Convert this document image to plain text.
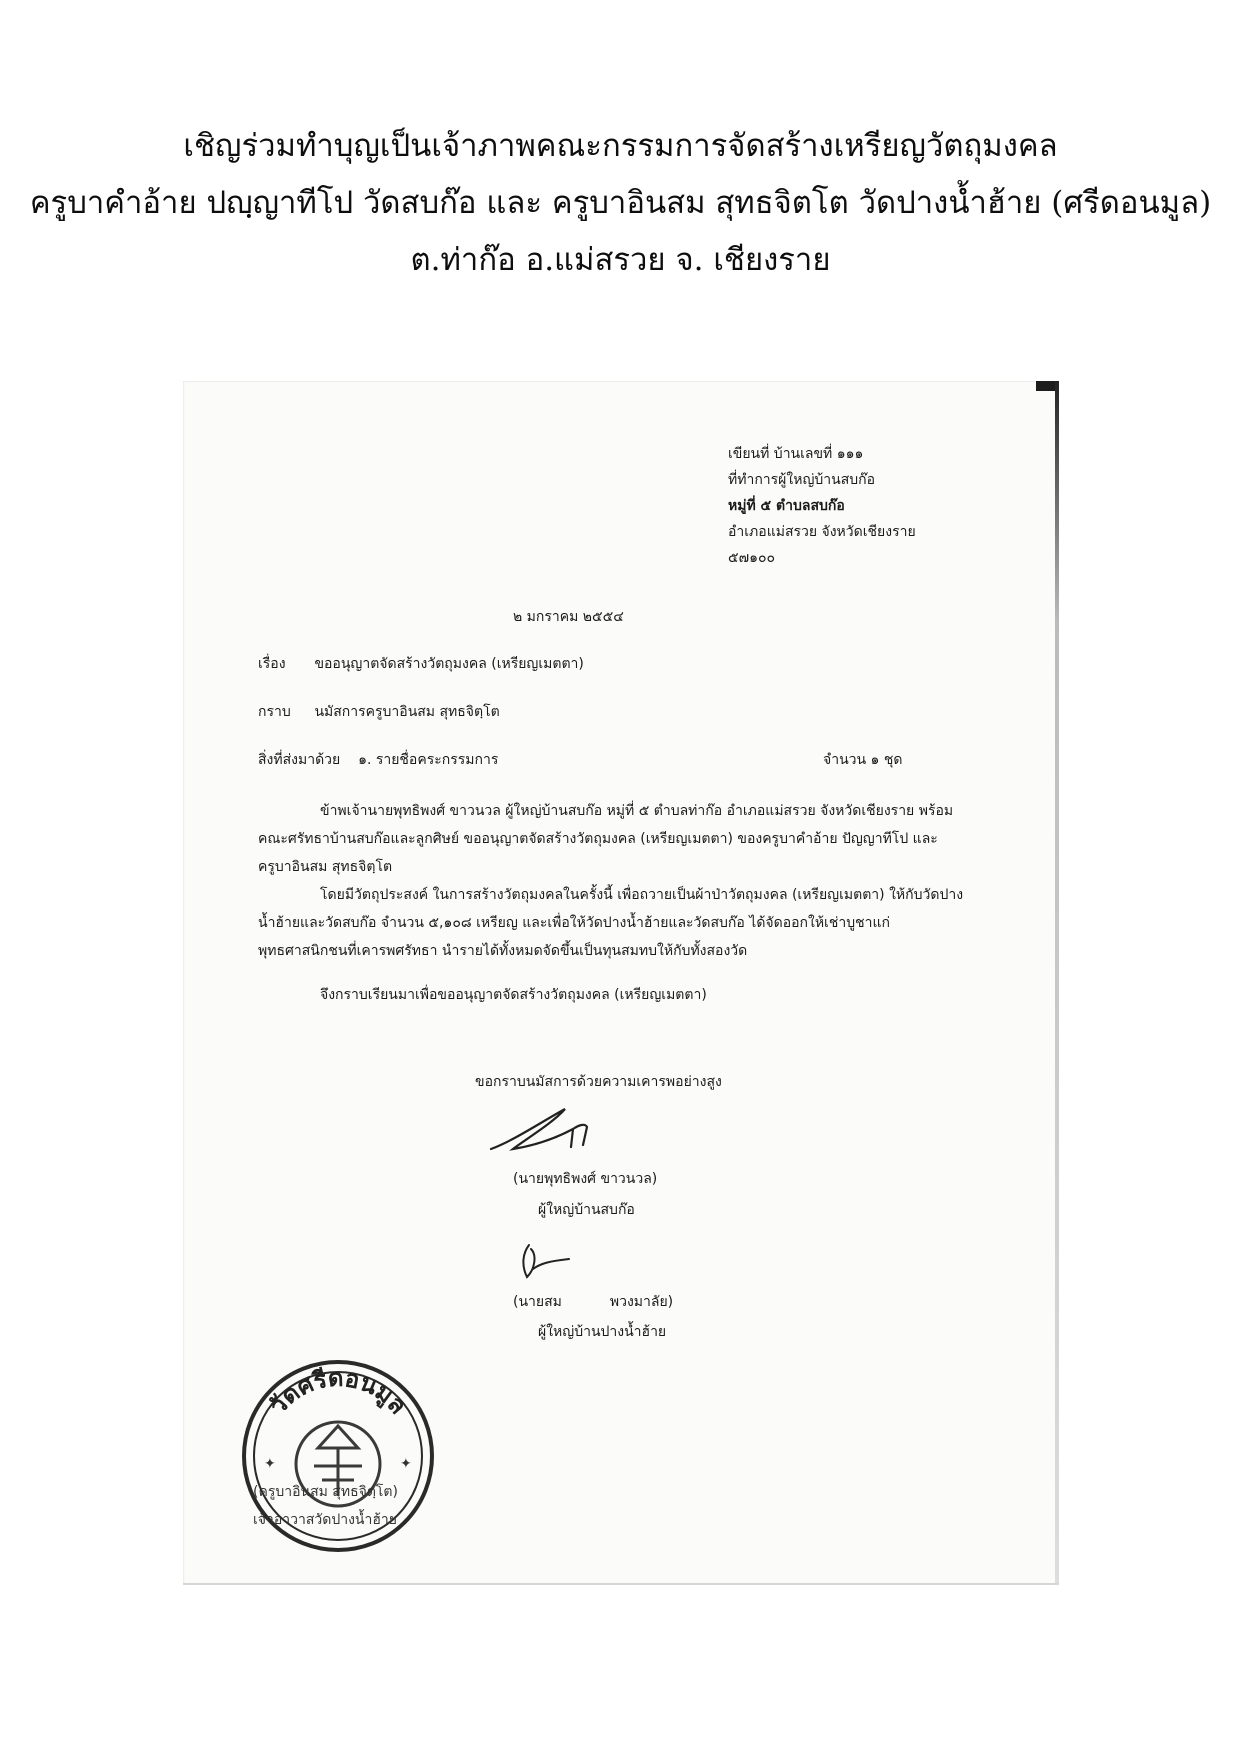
เชิญร่วมทำบุญเป็นเจ้าภาพคณะกรรมการจัดสร้างเหรียญวัตถุมงคล
ครูบาคำอ้าย ปญฺญาทีโป วัดสบก๊อ และ ครูบาอินสม สุทธจิตโต วัดปางน้ำฮ้าย (ศรีดอนมูล)
ต.ท่าก๊อ อ.แม่สรวย จ. เชียงราย
เขียนที่ บ้านเลขที่ ๑๑๑
ที่ทำการผู้ใหญ่บ้านสบก๊อ
หมู่ที่ ๕ ตำบลสบก๊อ
อำเภอแม่สรวย จังหวัดเชียงราย
๕๗๑๐๐
๒ มกราคม ๒๕๕๔
เรื่อง ขออนุญาตจัดสร้างวัตถุมงคล (เหรียญเมตตา)
กราบ นมัสการครูบาอินสม สุทธจิตฺโต
สิ่งที่ส่งมาด้วย ๑. รายชื่อคระกรรมการ	จำนวน ๑ ชุด

ข้าพเจ้านายพุทธิพงศ์ ขาวนวล ผู้ใหญ่บ้านสบก๊อ หมู่ที่ ๕ ตำบลท่าก๊อ อำเภอแม่สรวย จังหวัดเชียงราย พร้อมคณะศรัทธาบ้านสบก๊อและลูกศิษย์ ขออนุญาตจัดสร้างวัตถุมงคล (เหรียญเมตตา) ของครูบาคำอ้าย ปัญญาทีโป และครูบาอินสม สุทธจิตฺโต

โดยมีวัตถุประสงค์ ในการสร้างวัตถุมงคลในครั้งนี้ เพื่อถวายเป็นผ้าป่าวัตถุมงคล (เหรียญเมตตา) ให้กับวัดปางน้ำฮ้ายและวัดสบก๊อ จำนวน ๕,๑๐๘ เหรียญ และเพื่อให้วัดปางน้ำฮ้ายและวัดสบก๊อ ได้จัดออกให้เช่าบูชาแก่พุทธศาสนิกชนที่เคารพศรัทธา นำรายได้ทั้งหมดจัดขึ้นเป็นทุนสมทบให้กับทั้งสองวัด

จึงกราบเรียนมาเพื่อขออนุญาตจัดสร้างวัตถุมงคล (เหรียญเมตตา)

ขอกราบนมัสการด้วยความเคารพอย่างสูง
(นายพุทธิพงศ์ ขาวนวล)
ผู้ใหญ่บ้านสบก๊อ
(นายสม	พวงมาลัย)
ผู้ใหญ่บ้านปางน้ำฮ้าย
วัดศรีดอนมูล
✦	✦
(ครูบาอินสม สุทธจิตฺโต)
เจ้าอาวาสวัดปางน้ำฮ้าย
